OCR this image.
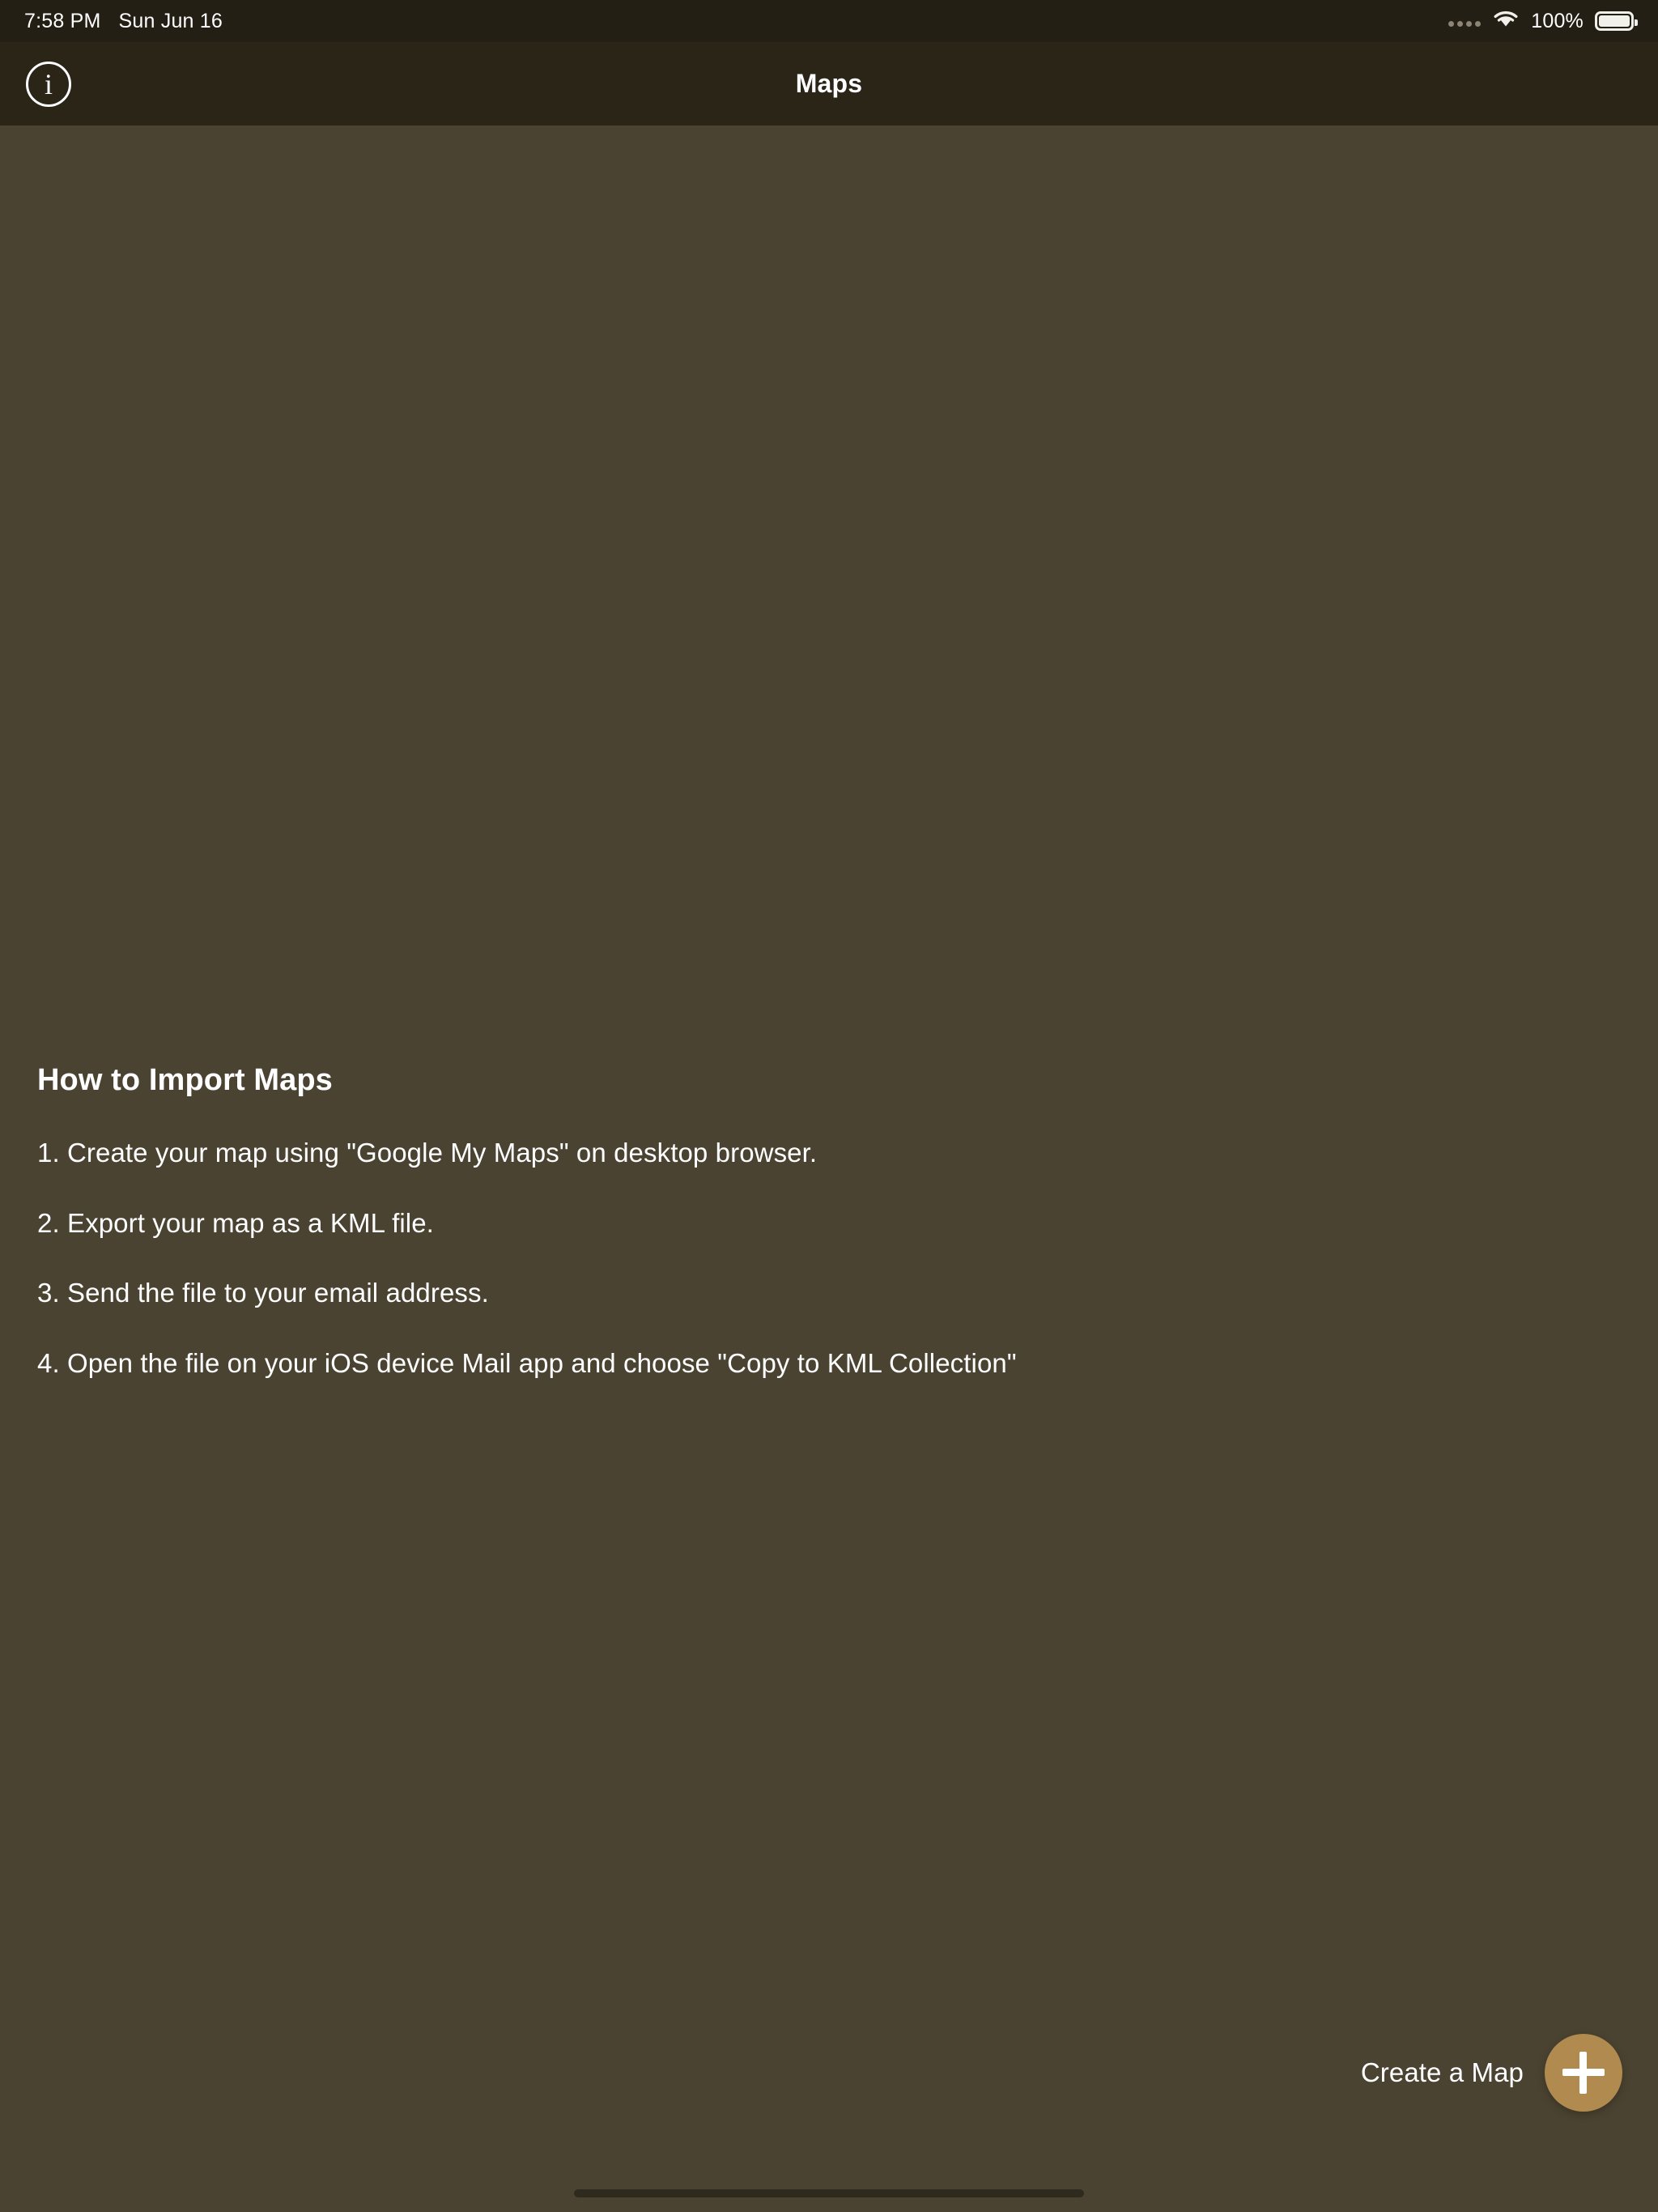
7:58 PM Sun Jun 16	100%
i	Maps
How to Import Maps
1. Create your map using "Google My Maps" on desktop browser.
2. Export your map as a KML file.
3. Send the file to your email address.
4. Open the file on your iOS device Mail app and choose "Copy to KML Collection"
Create a Map
